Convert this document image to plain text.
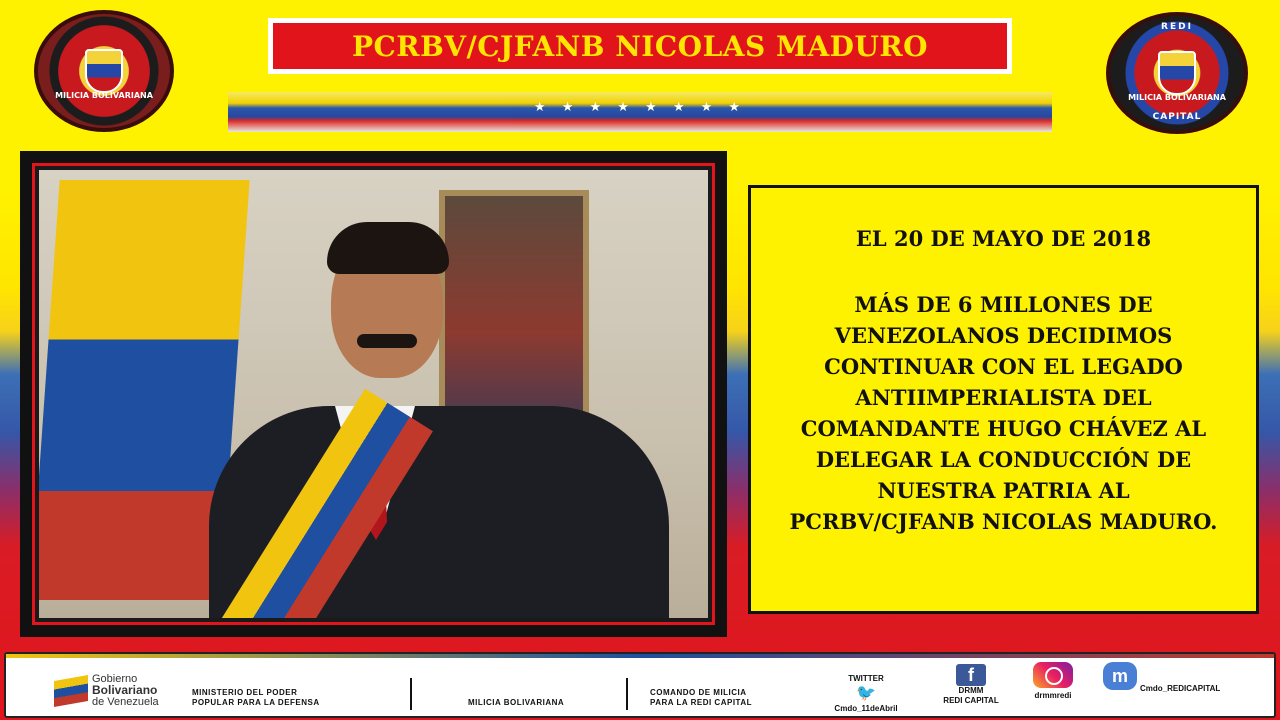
PCRBV/CJFANB NICOLAS MADURO
★ ★ ★ ★ ★ ★ ★ ★
MILICIA BOLIVARIANA
REDI
MILICIA BOLIVARIANA
CAPITAL
EL 20 DE MAYO DE 2018
MÁS DE 6 MILLONES DE
VENEZOLANOS DECIDIMOS
CONTINUAR CON EL LEGADO
ANTIIMPERIALISTA DEL
COMANDANTE HUGO CHÁVEZ AL
DELEGAR LA CONDUCCIÓN DE
NUESTRA PATRIA AL
PCRBV/CJFANB NICOLAS MADURO.
Gobierno
Bolivariano
de Venezuela
MINISTERIO DEL PODER
POPULAR PARA LA DEFENSA	MILICIA BOLIVARIANA
COMANDO DE MILICIA
PARA LA REDI CAPITAL
TWITTER
🐦
Cmdo_11deAbril
f
DRMM
REDI CAPITAL
drmmredi
m
Cmdo_REDICAPITAL
